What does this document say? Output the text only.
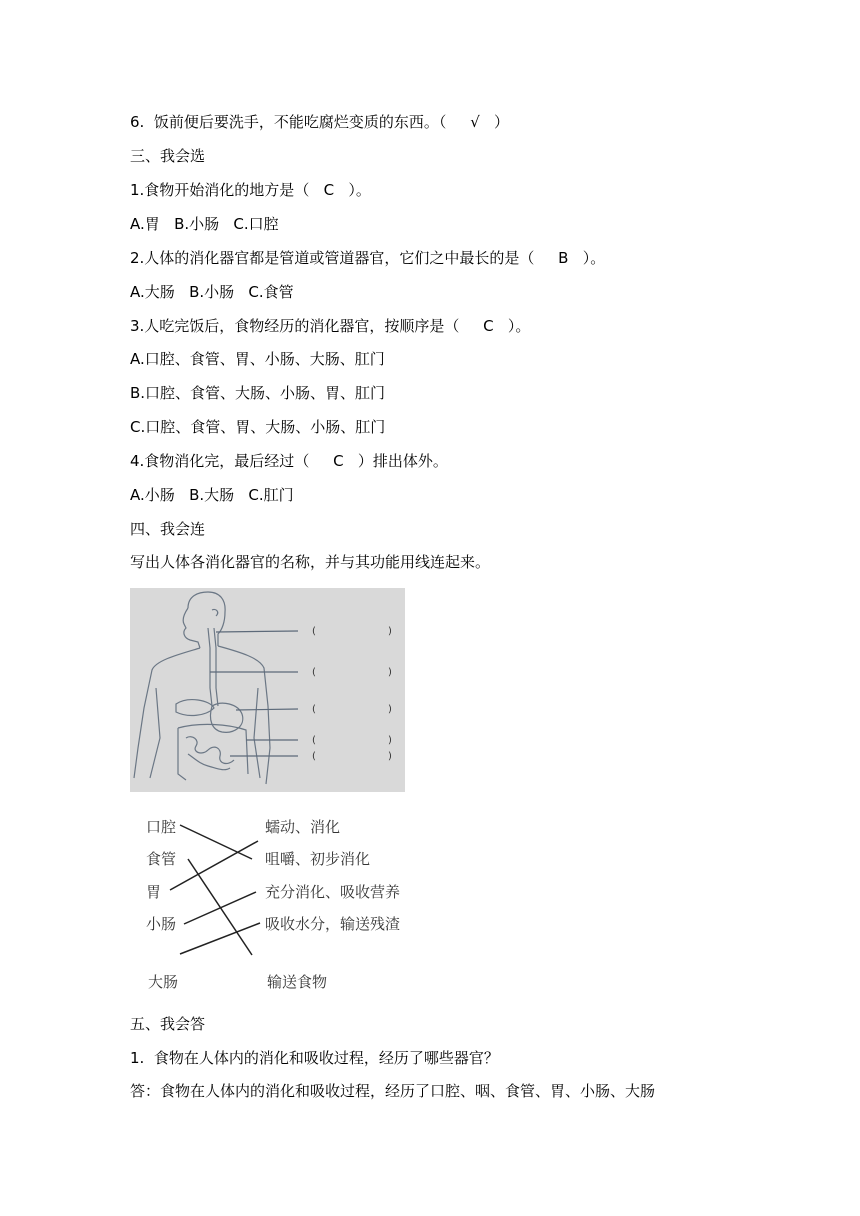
6.  饭前便后要洗手，不能吃腐烂变质的东西。（     √   ）
三、我会选
1.食物开始消化的地方是（   C   ）。
A.胃   B.小肠   C.口腔
2.人体的消化器官都是管道或管道器官，它们之中最长的是（     B   ）。
A.大肠   B.小肠   C.食管
3.人吃完饭后，食物经历的消化器官，按顺序是（     C   ）。
A.口腔、食管、胃、小肠、大肠、肛门
B.口腔、食管、大肠、小肠、胃、肛门
C.口腔、食管、胃、大肠、小肠、肛门
4.食物消化完，最后经过（     C   ）排出体外。
A.小肠   B.大肠   C.肛门
四、我会连
写出人体各消化器官的名称，并与其功能用线连起来。
(	)
(	)
(	)
(	)
(	)
口腔
食管
胃
小肠
大肠
蠕动、消化
咀嚼、初步消化
充分消化、吸收营养
吸收水分，输送残渣
输送食物
五、我会答
1.  食物在人体内的消化和吸收过程，经历了哪些器官？
答：食物在人体内的消化和吸收过程，经历了口腔、咽、食管、胃、小肠、大肠
